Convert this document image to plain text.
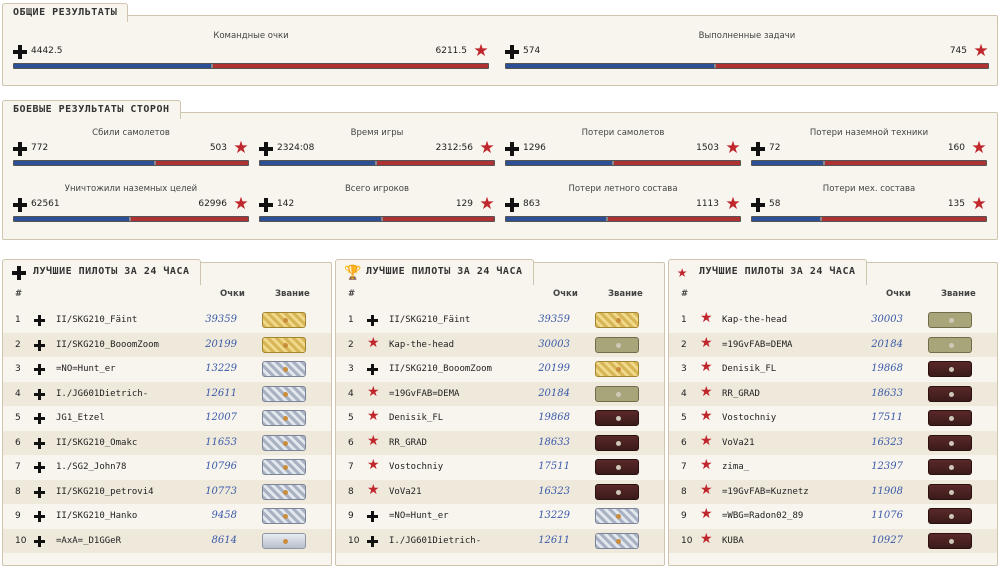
ОБЩИЕ РЕЗУЛЬТАТЫ
Командные очки
4442.5	6211.5 ★
Выполненные задачи
574	745 ★
БОЕВЫЕ РЕЗУЛЬТАТЫ СТОРОН
Сбили самолетов
772	503 ★
Время игры
2324:08	2312:56 ★
Потери самолетов
1296	1503 ★
Потери наземной техники
72	160 ★
Уничтожили наземных целей
62561	62996 ★
Всего игроков
142	129 ★
Потери летного состава
863	1113 ★
Потери мех. состава
58	135 ★
ЛУЧШИЕ ПИЛОТЫ ЗА 24 ЧАСА
#	Очки	Звание
1	II/SKG210_Fäint	39359
2	II/SKG210_BooomZoom	20199
3	=NO=Hunt_er	13229
4	I./JG601Dietrich-	12611
5	JG1_Etzel	12007
6	II/SKG210_Omakc	11653
7	1./SG2_John78	10796
8	II/SKG210_petrovi4	10773
9	II/SKG210_Hanko	9458
10	=AxA=_D1GGeR	8614
🏆 ЛУЧШИЕ ПИЛОТЫ ЗА 24 ЧАСА
#	Очки	Звание
1	II/SKG210_Fäint	39359
2 ★ Kap-the-head	30003
3	II/SKG210_BooomZoom	20199
4 ★ =19GvFAB=DEMA	20184
5 ★ Denisik_FL	19868
6 ★ RR_GRAD	18633
7 ★ Vostochniy	17511
8 ★ VoVa21	16323
9	=NO=Hunt_er	13229
10	I./JG601Dietrich-	12611
★ ЛУЧШИЕ ПИЛОТЫ ЗА 24 ЧАСА
#	Очки	Звание
1 ★ Kap-the-head	30003
2 ★ =19GvFAB=DEMA	20184
3 ★ Denisik_FL	19868
4 ★ RR_GRAD	18633
5 ★ Vostochniy	17511
6 ★ VoVa21	16323
7 ★ zima_	12397
8 ★ =19GvFAB=Kuznetz	11908
9 ★ =WBG=Radon02_89	11076
10 ★ KUBA	10927
